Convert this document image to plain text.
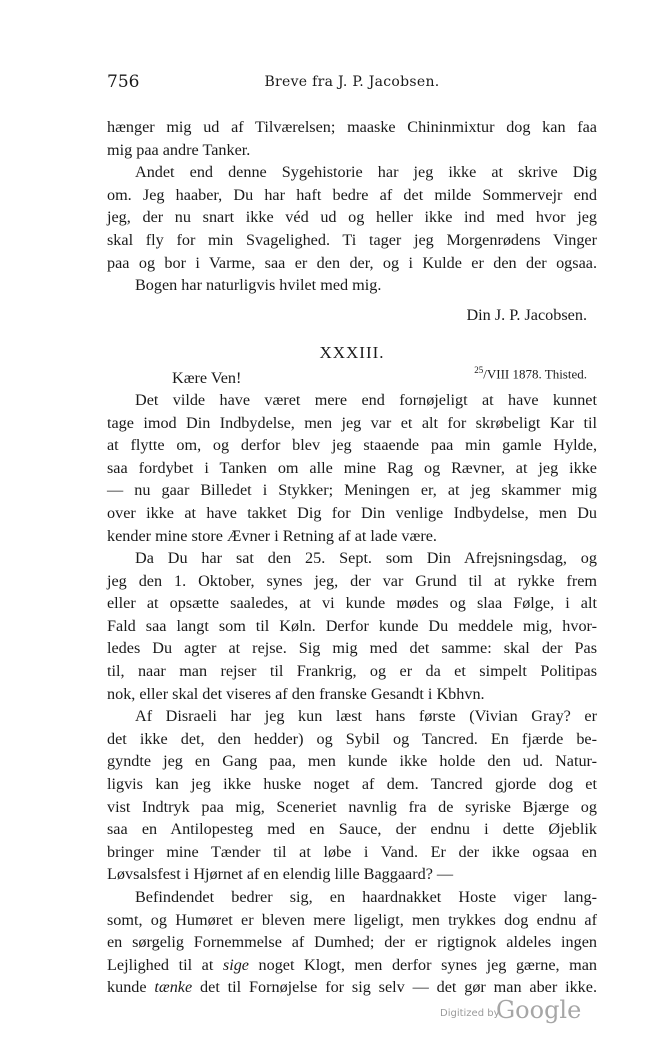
756	Breve fra J. P. Jacobsen.
hænger mig ud af Tilværelsen; maaske Chininmixtur dog kan faa
mig paa andre Tanker.
Andet end denne Sygehistorie har jeg ikke at skrive Dig
om. Jeg haaber, Du har haft bedre af det milde Sommervejr end
jeg, der nu snart ikke véd ud og heller ikke ind med hvor jeg
skal fly for min Svagelighed. Ti tager jeg Morgenrødens Vinger
paa og bor i Varme, saa er den der, og i Kulde er den der ogsaa.
Bogen har naturligvis hvilet med mig.
Din J. P. Jacobsen.
XXXIII.
Kære Ven!	$^{25}$/VIII 1878. Thisted.
Det vilde have været mere end fornøjeligt at have kunnet
tage imod Din Indbydelse, men jeg var et alt for skrøbeligt Kar til
at flytte om, og derfor blev jeg staaende paa min gamle Hylde,
saa fordybet i Tanken om alle mine Rag og Rævner, at jeg ikke
— nu gaar Billedet i Stykker; Meningen er, at jeg skammer mig
over ikke at have takket Dig for Din venlige Indbydelse, men Du
kender mine store Ævner i Retning af at lade være.
Da Du har sat den 25. Sept. som Din Afrejsningsdag, og
jeg den 1. Oktober, synes jeg, der var Grund til at rykke frem
eller at opsætte saaledes, at vi kunde mødes og slaa Følge, i alt
Fald saa langt som til Køln. Derfor kunde Du meddele mig, hvor-
ledes Du agter at rejse. Sig mig med det samme: skal der Pas
til, naar man rejser til Frankrig, og er da et simpelt Politipas
nok, eller skal det viseres af den franske Gesandt i Kbhvn.
Af Disraeli har jeg kun læst hans første (Vivian Gray? er
det ikke det, den hedder) og Sybil og Tancred. En fjærde be-
gyndte jeg en Gang paa, men kunde ikke holde den ud. Natur-
ligvis kan jeg ikke huske noget af dem. Tancred gjorde dog et
vist Indtryk paa mig, Sceneriet navnlig fra de syriske Bjærge og
saa en Antilopesteg med en Sauce, der endnu i dette Øjeblik
bringer mine Tænder til at løbe i Vand. Er der ikke ogsaa en
Løvsalsfest i Hjørnet af en elendig lille Baggaard? —
Befindendet bedrer sig, en haardnakket Hoste viger lang-
somt, og Humøret er bleven mere ligeligt, men trykkes dog endnu af
en sørgelig Fornemmelse af Dumhed; der er rigtignok aldeles ingen
Lejlighed til at sige noget Klogt, men derfor synes jeg gærne, man
kunde tænke det til Fornøjelse for sig selv — det gør man aber ikke.
Digitized by
Google
